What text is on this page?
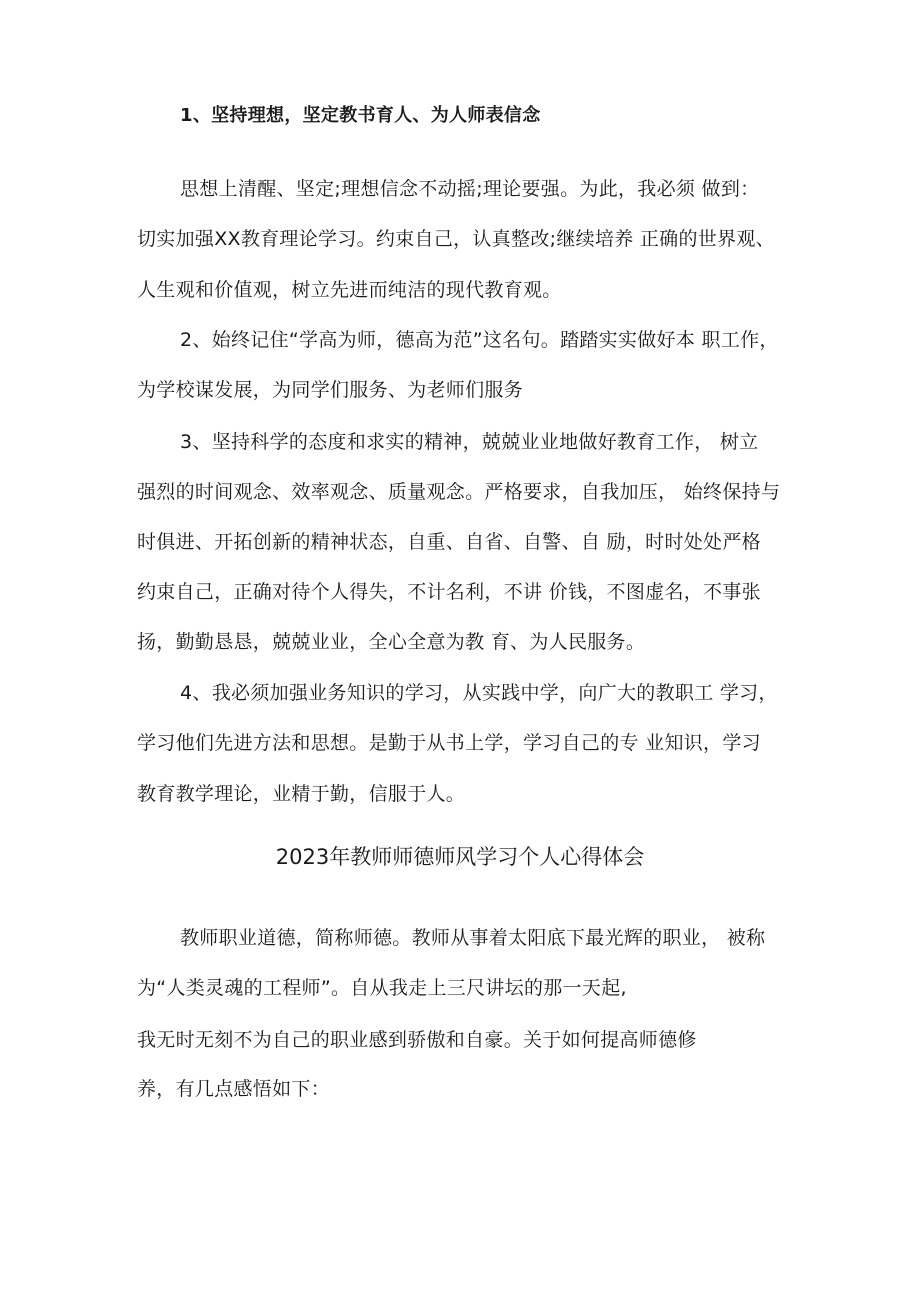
1、坚持理想，坚定教书育人、为人师表信念
思想上清醒、坚定;理想信念不动摇;理论要强。为此，我必须 做到：
切实加强XX教育理论学习。约束自己，认真整改;继续培养 正确的世界观、
人生观和价值观，树立先进而纯洁的现代教育观。
2、始终记住“学高为师，德高为范”这名句。踏踏实实做好本 职工作，
为学校谋发展，为同学们服务、为老师们服务
3、坚持科学的态度和求实的精神，兢兢业业地做好教育工作， 树立
强烈的时间观念、效率观念、质量观念。严格要求，自我加压， 始终保持与
时俱进、开拓创新的精神状态，自重、自省、自警、自 励，时时处处严格
约束自己，正确对待个人得失，不计名利，不讲 价钱，不图虚名，不事张
扬，勤勤恳恳，兢兢业业，全心全意为教 育、为人民服务。
4、我必须加强业务知识的学习，从实践中学，向广大的教职工 学习，
学习他们先进方法和思想。是勤于从书上学，学习自己的专 业知识，学习
教育教学理论，业精于勤，信服于人。
2023年教师师德师风学习个人心得体会
教师职业道德，简称师德。教师从事着太阳底下最光辉的职业， 被称
为“人类灵魂的工程师”。自从我走上三尺讲坛的那一天起,
我无时无刻不为自己的职业感到骄傲和自豪。关于如何提高师德修
养，有几点感悟如下：
